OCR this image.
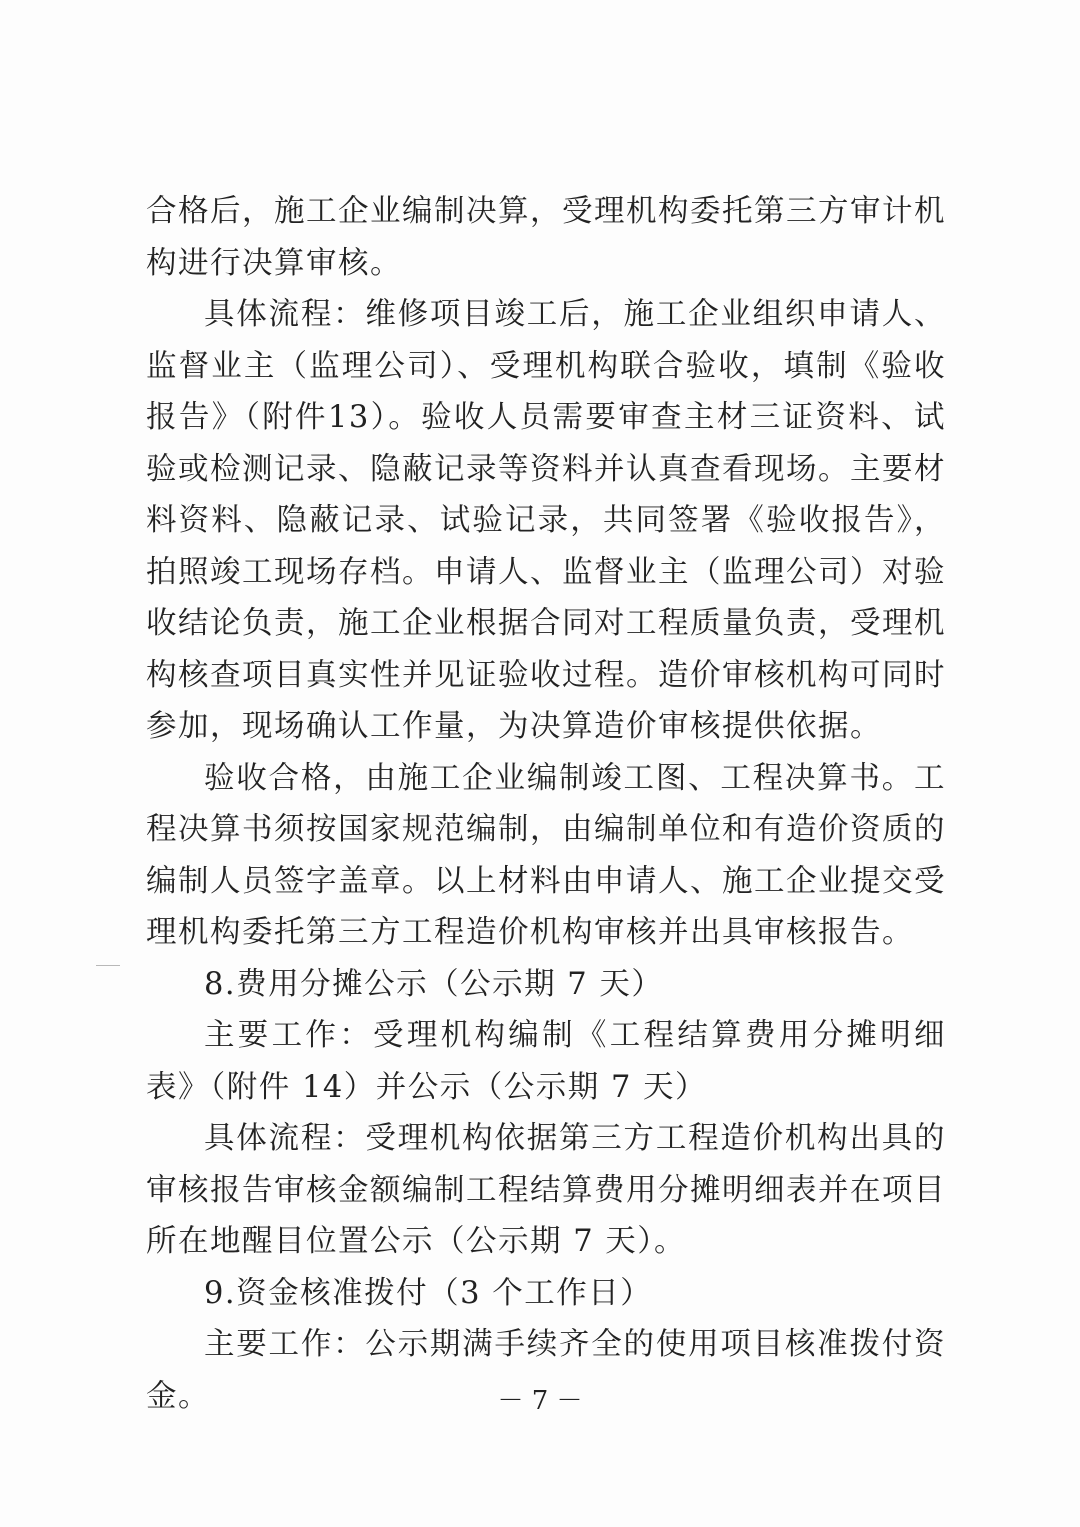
合格后，施工企业编制决算，受理机构委托第三方审计机构进行决算审核。

具体流程：维修项目竣工后，施工企业组织申请人、监督业主（监理公司）、受理机构联合验收，填制《验收报告》（附件13）。验收人员需要审查主材三证资料、试验或检测记录、隐蔽记录等资料并认真查看现场。主要材料资料、隐蔽记录、试验记录，共同签署《验收报告》，拍照竣工现场存档。申请人、监督业主（监理公司）对验收结论负责，施工企业根据合同对工程质量负责，受理机构核查项目真实性并见证验收过程。造价审核机构可同时参加，现场确认工作量，为决算造价审核提供依据。

验收合格，由施工企业编制竣工图、工程决算书。工程决算书须按国家规范编制，由编制单位和有造价资质的编制人员签字盖章。以上材料由申请人、施工企业提交受理机构委托第三方工程造价机构审核并出具审核报告。

8.费用分摊公示（公示期 7 天）

主要工作：受理机构编制《工程结算费用分摊明细表》（附件 14）并公示（公示期 7 天）

具体流程：受理机构依据第三方工程造价机构出具的审核报告审核金额编制工程结算费用分摊明细表并在项目所在地醒目位置公示（公示期 7 天）。

9.资金核准拨付（3 个工作日）

主要工作：公示期满手续齐全的使用项目核准拨付资金。	－ 7 －
